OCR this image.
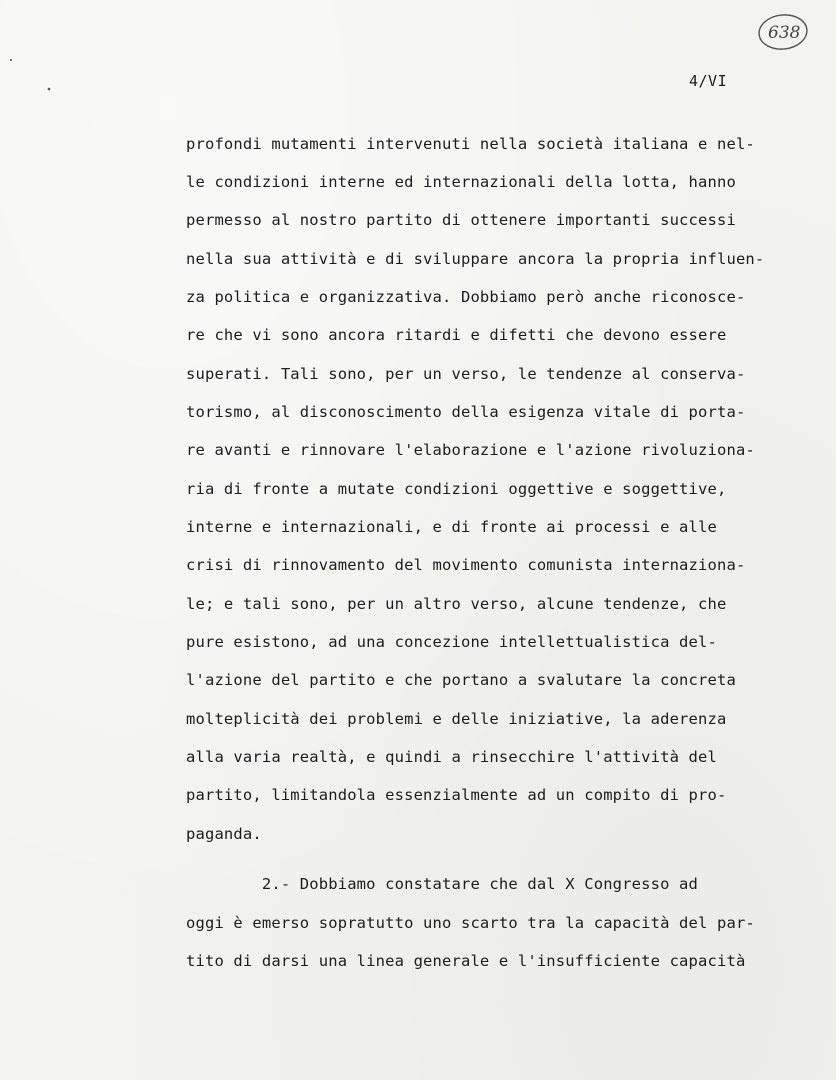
638
4/VI
profondi mutamenti intervenuti nella società italiana e nel-
le condizioni interne ed internazionali della lotta, hanno
permesso al nostro partito di ottenere importanti successi
nella sua attività e di sviluppare ancora la propria influen-
za politica e organizzativa. Dobbiamo però anche riconosce-
re che vi sono ancora ritardi e difetti che devono essere
superati. Tali sono, per un verso, le tendenze al conserva-
torismo, al disconoscimento della esigenza vitale di porta-
re avanti e rinnovare l'elaborazione e l'azione rivoluziona-
ria di fronte a mutate condizioni oggettive e soggettive,
interne e internazionali, e di fronte ai processi e alle
crisi di rinnovamento del movimento comunista internaziona-
le; e tali sono, per un altro verso, alcune tendenze, che
pure esistono, ad una concezione intellettualistica del-
l'azione del partito e che portano a svalutare la concreta
molteplicità dei problemi e delle iniziative, la aderenza
alla varia realtà, e quindi a rinsecchire l'attività del
partito, limitandola essenzialmente ad un compito di pro-
paganda.
2.- Dobbiamo constatare che dal X Congresso ad
oggi è emerso sopratutto uno scarto tra la capacità del par-
tito di darsi una linea generale e l'insufficiente capacità
